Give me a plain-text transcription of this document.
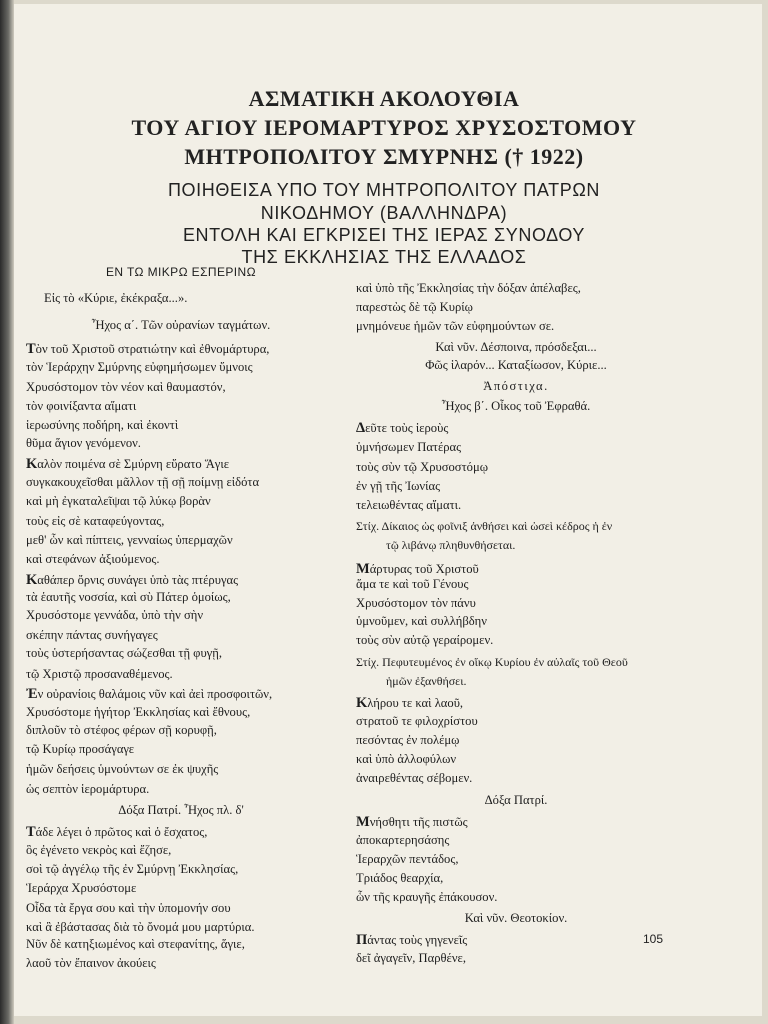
ΑΣΜΑΤΙΚΗ ΑΚΟΛΟΥΘΙΑ
ΤΟΥ ΑΓΙΟΥ ΙΕΡΟΜΑΡΤΥΡΟΣ ΧΡΥΣΟΣΤΟΜΟΥ
ΜΗΤΡΟΠΟΛΙΤΟΥ ΣΜΥΡΝΗΣ († 1922)
ΠΟΙΗΘΕΙΣΑ ΥΠΟ ΤΟΥ ΜΗΤΡΟΠΟΛΙΤΟΥ ΠΑΤΡΩΝ
ΝΙΚΟΔΗΜΟΥ (ΒΑΛΛΗΝΔΡΑ)
ΕΝΤΟΛΗ ΚΑΙ ΕΓΚΡΙΣΕΙ ΤΗΣ ΙΕΡΑΣ ΣΥΝΟΔΟΥ
ΤΗΣ ΕΚΚΛΗΣΙΑΣ ΤΗΣ ΕΛΛΑΔΟΣ
ΕΝ ΤΩ ΜΙΚΡΩ ΕΣΠΕΡΙΝΩ
Εἰς τὸ «Κύριε, ἐκέκραξα...».
Ἦχος α΄. Τῶν οὐρανίων ταγμάτων.
Τὸν τοῦ Χριστοῦ στρατιώτην καὶ ἐθνομάρτυρα,
τὸν Ἱεράρχην Σμύρνης εὐφημήσωμεν ὕμνοις
Χρυσόστομον τὸν νέον καὶ θαυμαστόν,
τὸν φοινίξαντα αἵματι
ἱερωσύνης ποδήρη, καὶ ἐκοντὶ
θῦμα ἅγιον γενόμενον.
Καλὸν ποιμένα σὲ Σμύρνη εὕρατο Ἅγιε
συγκακουχεῖσθαι μᾶλλον τῇ σῇ ποίμνῃ εἰδότα
καὶ μὴ ἐγκαταλεῖψαι τῷ λύκῳ βορὰν
τοὺς εἰς σὲ καταφεύγοντας,
μεθ' ὧν καὶ πίπτεις, γενναίως ὑπερμαχῶν
καὶ στεφάνων ἀξιούμενος.
Καθάπερ ὄρνις συνάγει ὑπὸ τὰς πτέρυγας
τὰ ἑαυτῆς νοσσία, καὶ σὺ Πάτερ ὁμοίως,
Χρυσόστομε γεννάδα, ὑπὸ τὴν σὴν
σκέπην πάντας συνήγαγες
τοὺς ὑστερήσαντας σώζεσθαι τῇ φυγῇ,
τῷ Χριστῷ προσαναθέμενος.
Ἐν οὐρανίοις θαλάμοις νῦν καὶ ἀεὶ προσφοιτῶν,
Χρυσόστομε ἡγήτορ Ἐκκλησίας καὶ ἔθνους,
διπλοῦν τὸ στέφος φέρων σῇ κορυφῇ,
τῷ Κυρίῳ προσάγαγε
ἡμῶν δεήσεις ὑμνούντων σε ἐκ ψυχῆς
ὡς σεπτὸν ἱερομάρτυρα.
Δόξα Πατρί. Ἦχος πλ. δ'
Τάδε λέγει ὁ πρῶτος καὶ ὁ ἔσχατος,
ὃς ἐγένετο νεκρὸς καὶ ἔζησε,
σοὶ τῷ ἀγγέλῳ τῆς ἐν Σμύρνῃ Ἐκκλησίας,
Ἱεράρχα Χρυσόστομε
Οἶδα τὰ ἔργα σου καὶ τὴν ὑπομονήν σου
καὶ ἃ ἐβάστασας διὰ τὸ ὄνομά μου μαρτύρια.
Νῦν δὲ κατηξιωμένος καὶ στεφανίτης, ἅγιε,
λαοῦ τὸν ἔπαινον ἀκούεις
καὶ ὑπὸ τῆς Ἐκκλησίας τὴν δόξαν ἀπέλαβες,
παρεστὼς δὲ τῷ Κυρίῳ
μνημόνευε ἡμῶν τῶν εὐφημούντων σε.
Καὶ νῦν. Δέσποινα, πρόσδεξαι...
Φῶς ἱλαρόν... Καταξίωσον, Κύριε...
Ἀπόστιχα.
Ἦχος β΄. Οἶκος τοῦ Ἐφραθά.
Δεῦτε τοὺς ἱεροὺς
ὑμνήσωμεν Πατέρας
τοὺς σὺν τῷ Χρυσοστόμῳ
ἐν γῇ τῆς Ἰωνίας
τελειωθέντας αἵματι.
Στίχ. Δίκαιος ὡς φοῖνιξ ἀνθήσει καὶ ὡσεὶ κέδρος ἡ ἐν
τῷ λιβάνῳ πληθυνθήσεται.
Μάρτυρας τοῦ Χριστοῦ
ἅμα τε καὶ τοῦ Γένους
Χρυσόστομον τὸν πάνυ
ὑμνοῦμεν, καὶ συλλήβδην
τοὺς σὺν αὐτῷ γεραίρομεν.
Στίχ. Πεφυτευμένος ἐν οἴκῳ Κυρίου ἐν αὐλαῖς τοῦ Θεοῦ
ἡμῶν ἐξανθήσει.
Κλήρου τε καὶ λαοῦ,
στρατοῦ τε φιλοχρίστου
πεσόντας ἐν πολέμῳ
καὶ ὑπὸ ἀλλοφύλων
ἀναιρεθέντας σέβομεν.
Δόξα Πατρί.
Μνήσθητι τῆς πιστῶς
ἀποκαρτερησάσης
Ἱεραρχῶν πεντάδος,
Τριάδος θεαρχία,
ὧν τῆς κραυγῆς ἐπάκουσον.
Καὶ νῦν. Θεοτοκίον.
Πάντας τοὺς γηγενεῖς
δεῖ ἀγαγεῖν, Παρθένε,
105
